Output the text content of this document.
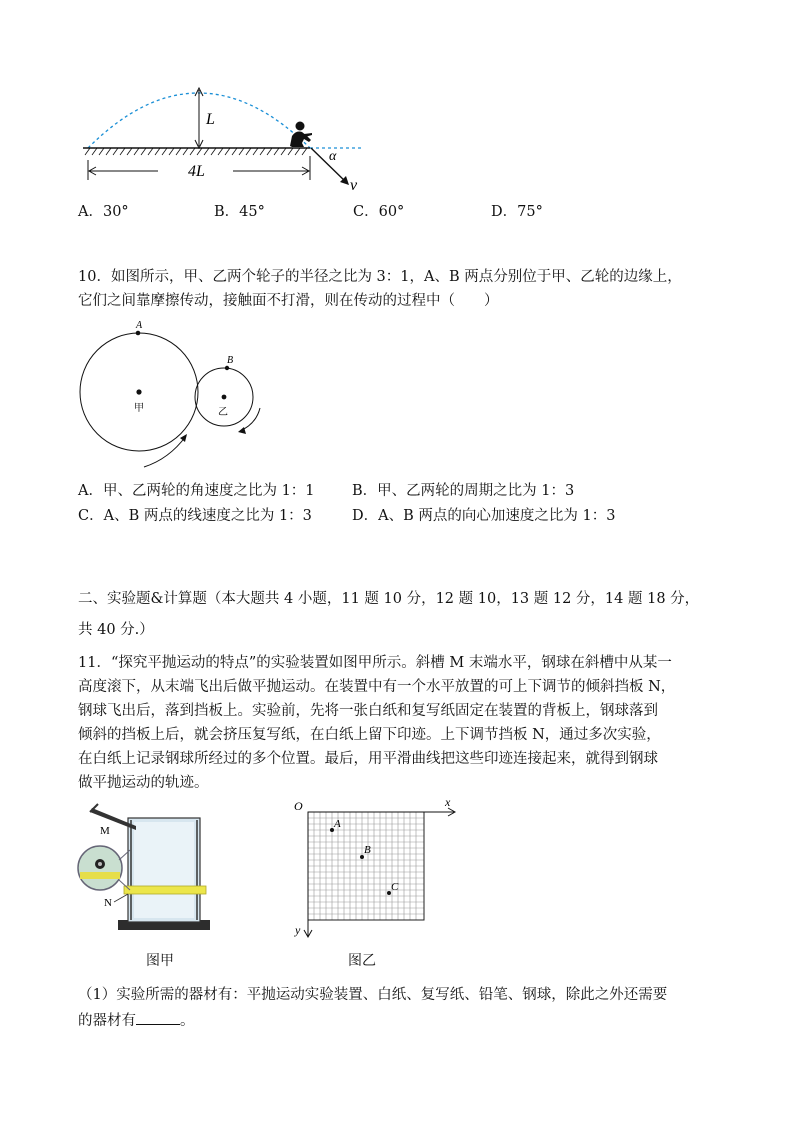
L
4L
α
v
A．30°	B．45°	C．60°	D．75°
10．如图所示，甲、乙两个轮子的半径之比为 3：1，A、B 两点分别位于甲、乙轮的边缘上，
它们之间靠摩擦传动，接触面不打滑，则在传动的过程中（　　）
甲
A
乙
B
A．甲、乙两轮的角速度之比为 1：1	B．甲、乙两轮的周期之比为 1：3
C．A、B 两点的线速度之比为 1：3	D．A、B 两点的向心加速度之比为 1：3
二、实验题&计算题（本大题共 4 小题，11 题 10 分，12 题 10，13 题 12 分，14 题 18 分，
共 40 分.）
11．“探究平抛运动的特点”的实验装置如图甲所示。斜槽 M 末端水平，钢球在斜槽中从某一
高度滚下，从末端飞出后做平抛运动。在装置中有一个水平放置的可上下调节的倾斜挡板 N，
钢球飞出后，落到挡板上。实验前，先将一张白纸和复写纸固定在装置的背板上，钢球落到
倾斜的挡板上后，就会挤压复写纸，在白纸上留下印迹。上下调节挡板 N，通过多次实验，
在白纸上记录钢球所经过的多个位置。最后，用平滑曲线把这些印迹连接起来，就得到钢球
做平抛运动的轨迹。
M
N
图甲
O	x
y
A
B
C
图乙
（1）实验所需的器材有：平抛运动实验装置、白纸、复写纸、铅笔、钢球，除此之外还需要
的器材有	。
